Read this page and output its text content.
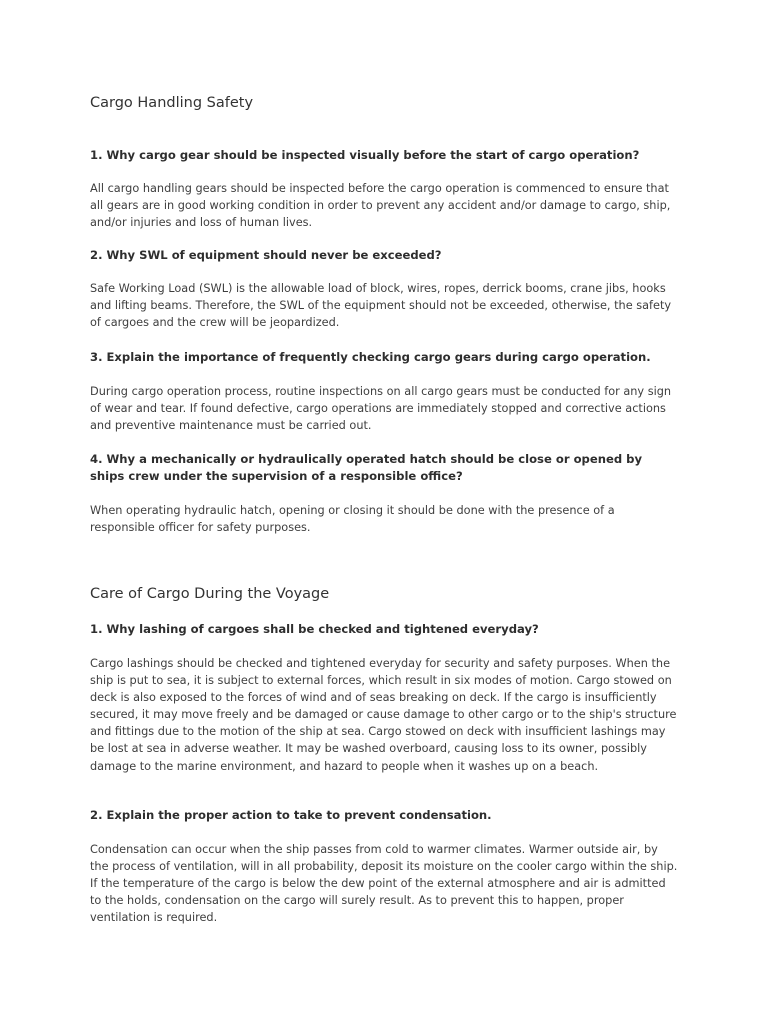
Cargo Handling Safety

1. Why cargo gear should be inspected visually before the start of cargo operation?

All cargo handling gears should be inspected before the cargo operation is commenced to ensure that all gears are in good working condition in order to prevent any accident and/or damage to cargo, ship, and/or injuries and loss of human lives.

2. Why SWL of equipment should never be exceeded?

Safe Working Load (SWL) is the allowable load of block, wires, ropes, derrick booms, crane jibs, hooks and lifting beams. Therefore, the SWL of the equipment should not be exceeded, otherwise, the safety of cargoes and the crew will be jeopardized.

3. Explain the importance of frequently checking cargo gears during cargo operation.

During cargo operation process, routine inspections on all cargo gears must be conducted for any sign of wear and tear. If found defective, cargo operations are immediately stopped and corrective actions and preventive maintenance must be carried out.

4. Why a mechanically or hydraulically operated hatch should be close or opened by ships crew under the supervision of a responsible office?

When operating hydraulic hatch, opening or closing it should be done with the presence of a responsible officer for safety purposes.

Care of Cargo During the Voyage

1. Why lashing of cargoes shall be checked and tightened everyday?

Cargo lashings should be checked and tightened everyday for security and safety purposes. When the ship is put to sea, it is subject to external forces, which result in six modes of motion. Cargo stowed on deck is also exposed to the forces of wind and of seas breaking on deck. If the cargo is insufficiently secured, it may move freely and be damaged or cause damage to other cargo or to the ship's structure and fittings due to the motion of the ship at sea. Cargo stowed on deck with insufficient lashings may be lost at sea in adverse weather. It may be washed overboard, causing loss to its owner, possibly damage to the marine environment, and hazard to people when it washes up on a beach.

2. Explain the proper action to take to prevent condensation.

Condensation can occur when the ship passes from cold to warmer climates. Warmer outside air, by the process of ventilation, will in all probability, deposit its moisture on the cooler cargo within the ship. If the temperature of the cargo is below the dew point of the external atmosphere and air is admitted to the holds, condensation on the cargo will surely result. As to prevent this to happen, proper ventilation is required.
